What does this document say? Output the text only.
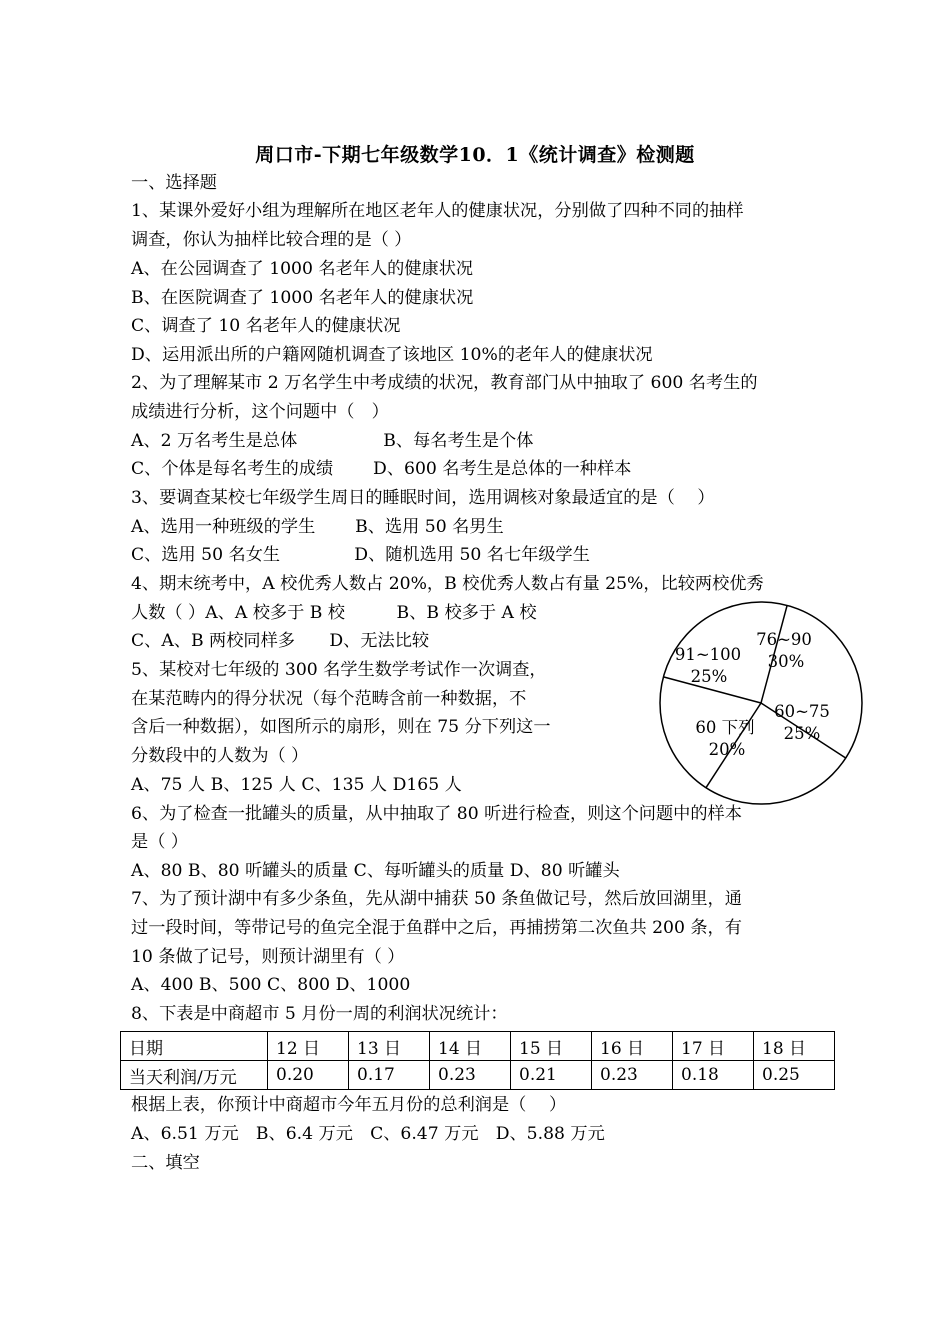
周口市-下期七年级数学10．1《统计调查》检测题
一、选择题
1、某课外爱好小组为理解所在地区老年人的健康状况，分别做了四种不同的抽样
调查，你认为抽样比较合理的是（ ）
A、在公园调查了 1000 名老年人的健康状况
B、在医院调查了 1000 名老年人的健康状况
C、调查了 10 名老年人的健康状况
D、运用派出所的户籍网随机调查了该地区 10%的老年人的健康状况
2、为了理解某市 2 万名学生中考成绩的状况，教育部门从中抽取了 600 名考生的
成绩进行分析，这个问题中（　）
A、2 万名考生是总体　　　　　B、每名考生是个体
C、个体是每名考生的成绩　　 D、600 名考生是总体的一种样本
3、要调查某校七年级学生周日的睡眠时间，选用调核对象最适宜的是（　 ）
A、选用一种班级的学生　　 B、选用 50 名男生
C、选用 50 名女生　　　　 D、随机选用 50 名七年级学生
4、期末统考中，A 校优秀人数占 20%，B 校优秀人数占有量 25%，比较两校优秀
人数（ ）A、A 校多于 B 校　　　B、B 校多于 A 校
C、A、B 两校同样多　　D、无法比较
5、某校对七年级的 300 名学生数学考试作一次调查，
在某范畴内的得分状况（每个范畴含前一种数据，不
含后一种数据），如图所示的扇形，则在 75 分下列这一
分数段中的人数为（ ）
A、75 人 B、125 人 C、135 人 D165 人
6、为了检查一批罐头的质量，从中抽取了 80 听进行检查，则这个问题中的样本
是（ ）
A、80 B、80 听罐头的质量 C、每听罐头的质量 D、80 听罐头
7、为了预计湖中有多少条鱼，先从湖中捕获 50 条鱼做记号，然后放回湖里，通
过一段时间，等带记号的鱼完全混于鱼群中之后，再捕捞第二次鱼共 200 条，有
10 条做了记号，则预计湖里有（ ）
A、400 B、500 C、800 D、1000
8、下表是中商超市 5 月份一周的利润状况统计：
日期	12 日	13 日	14 日	15 日	16 日	17 日	18 日
当天利润/万元	0.20	0.17	0.23	0.21	0.23	0.18	0.25
根据上表，你预计中商超市今年五月份的总利润是（　 ）
A、6.51 万元　B、6.4 万元　C、6.47 万元　D、5.88 万元
二、填空
76~90
30%
60~75
25%
60 下列
20%
91~100
25%
